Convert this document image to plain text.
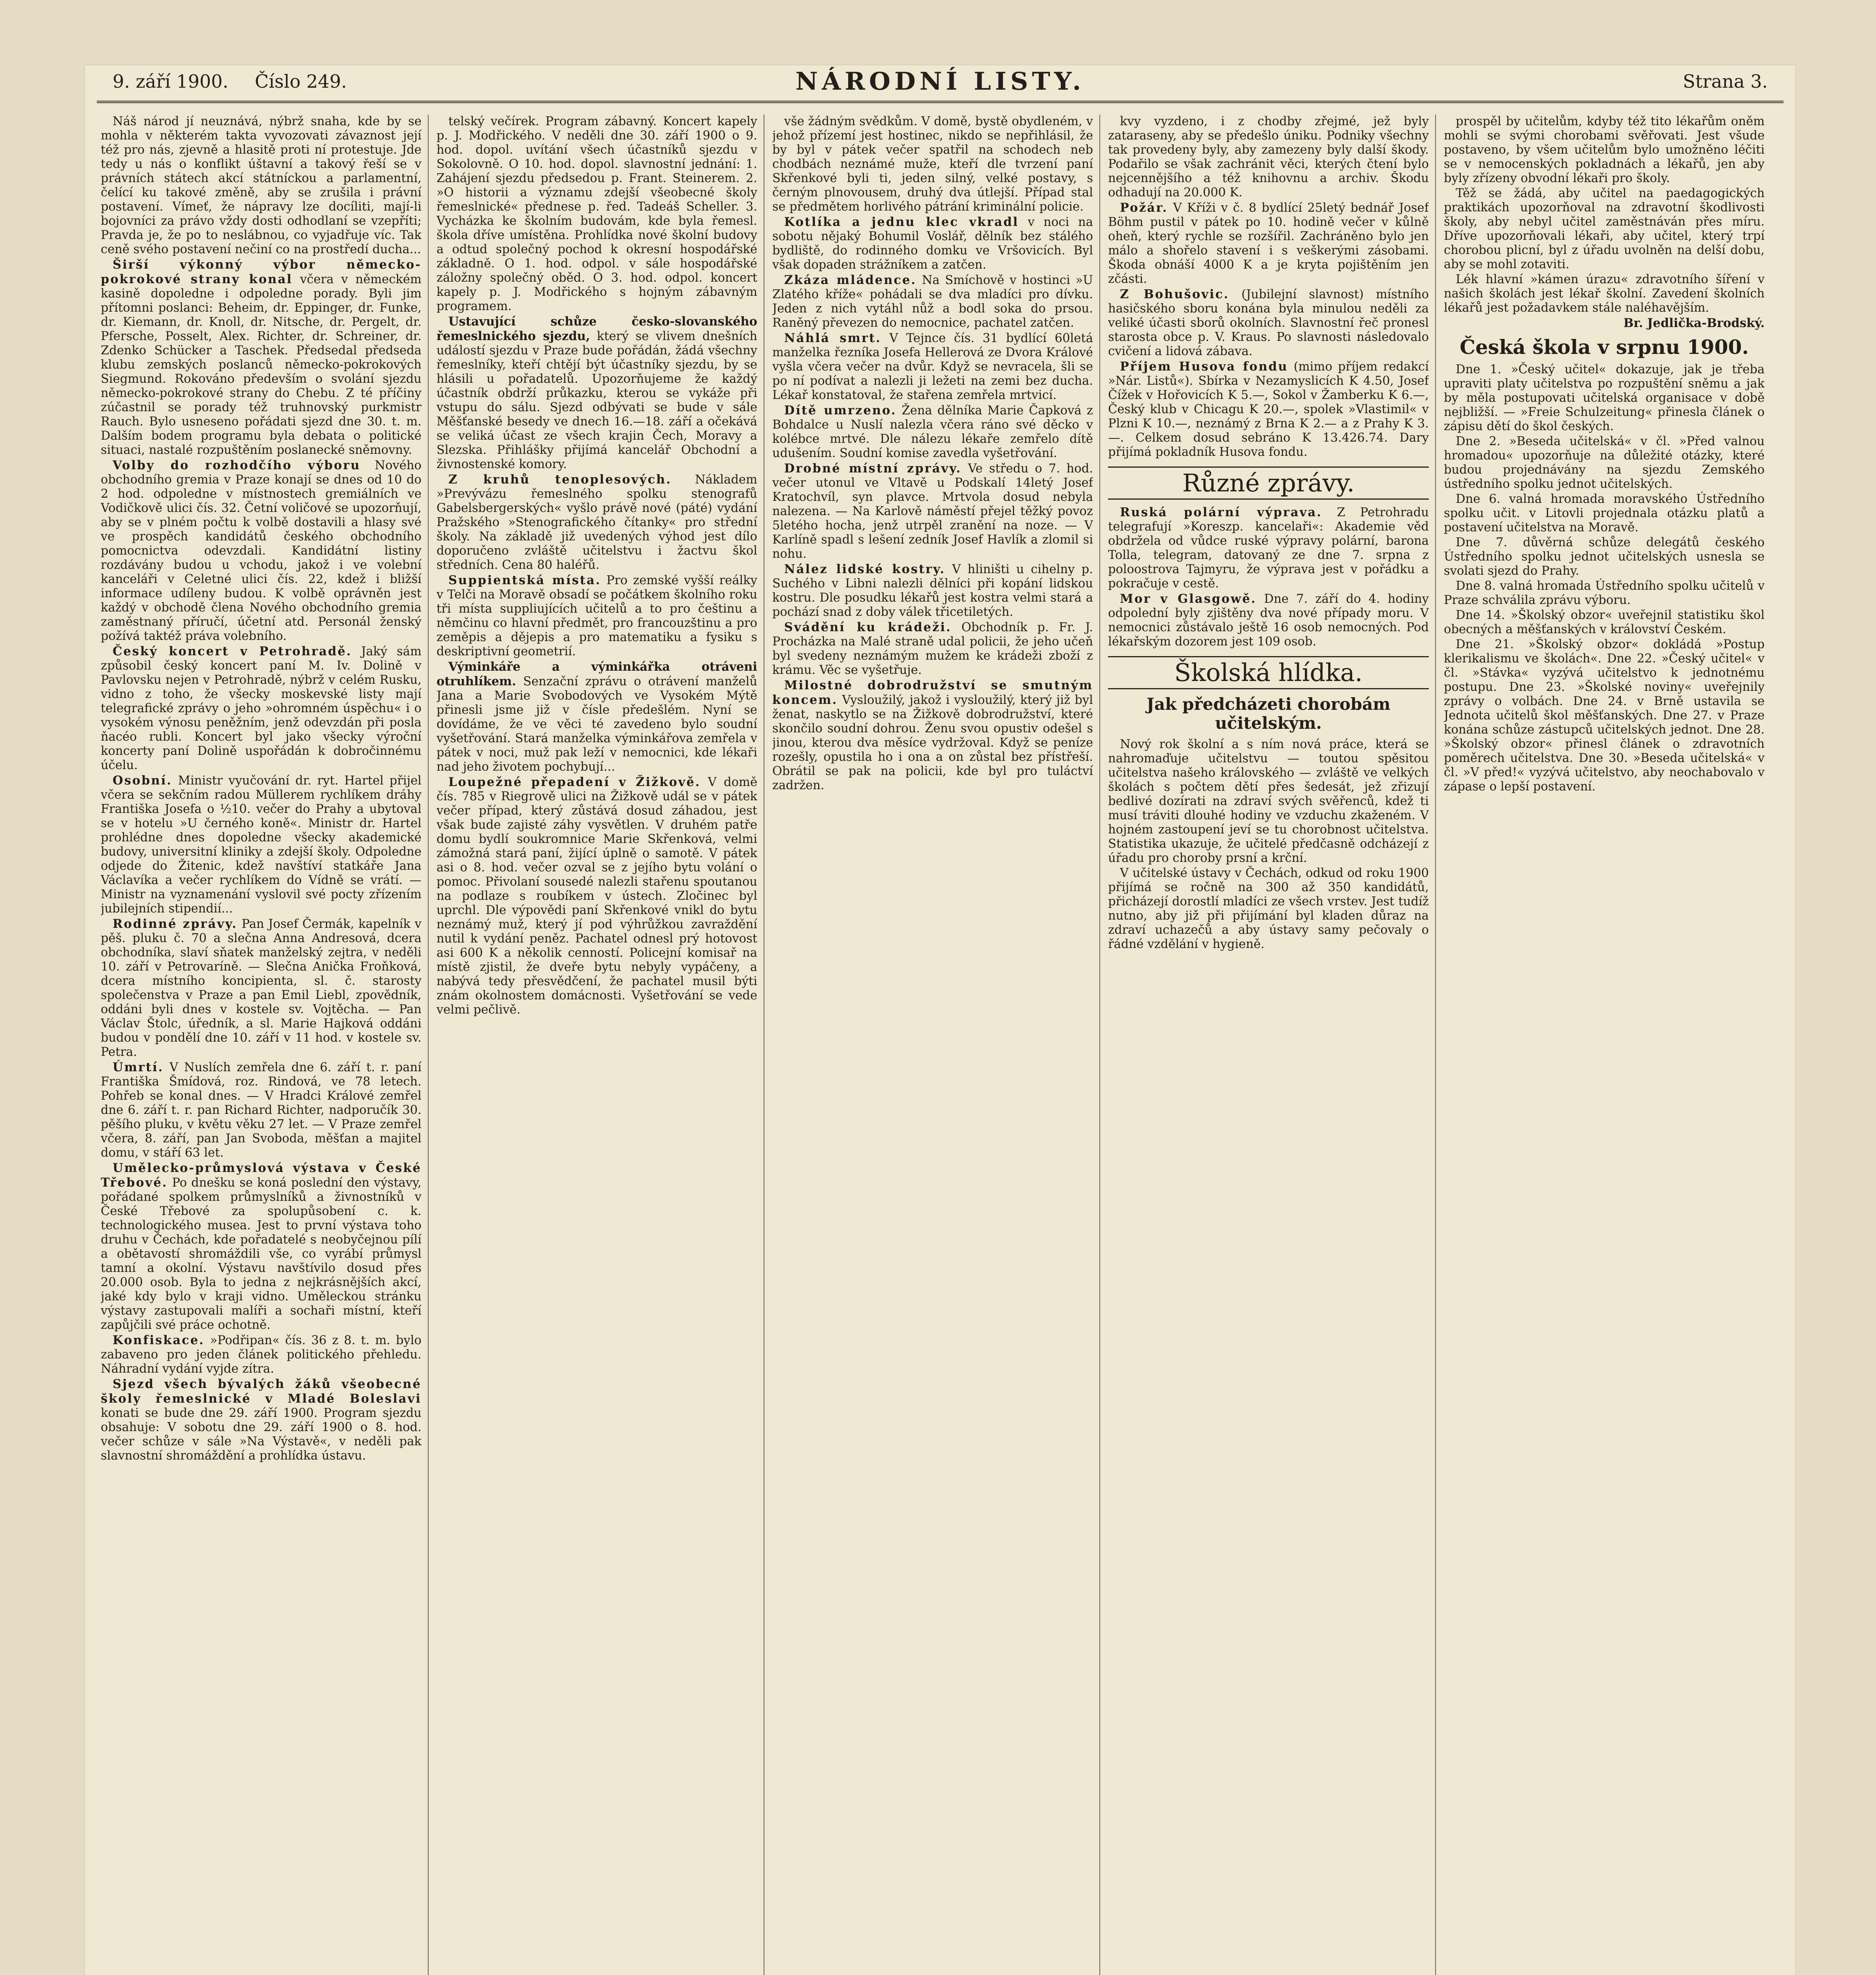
9. září 1900. Číslo 249.	NÁRODNÍ LISTY.	Strana 3.

Náš národ jí neuznává, nýbrž snaha, kde by se mohla v některém takta vyvozovati závaznost její též pro nás, zjevně a hlasitě proti ní protestuje. Jde tedy u nás o konflikt úštavní a takový řeší se v právních státech akcí státníckou a parlamentní, čelící ku takové změně, aby se zrušila i právní postavení. Vímeť, že nápravy lze docíliti, mají-li bojovníci za právo vždy dosti odhodlaní se vzepříti; Pravda je, že po to neslábnou, co vyjadřuje víc. Tak ceně svého postavení nečiní co na prostředí ducha...

Širší výkonný výbor německo-pokrokové strany konal včera v německém kasině dopoledne i odpoledne porady. Byli jim přítomni poslanci: Beheim, dr. Eppinger, dr. Funke, dr. Kiemann, dr. Knoll, dr. Nitsche, dr. Pergelt, dr. Pfersche, Posselt, Alex. Richter, dr. Schreiner, dr. Zdenko Schücker a Taschek. Předsedal předseda klubu zemských poslanců německo-pokrokových Siegmund. Rokováno především o svolání sjezdu německo-pokrokové strany do Chebu. Z té příčiny zúčastnil se porady též truhnovský purkmistr Rauch. Bylo usneseno pořádati sjezd dne 30. t. m. Dalším bodem programu byla debata o politické situaci, nastalé rozpuštěním poslanecké sněmovny.

Volby do rozhodčího výboru Nového obchodního gremia v Praze konají se dnes od 10 do 2 hod. odpoledne v místnostech gremiálních ve Vodičkově ulici čís. 32. Četní voličové se upozorňují, aby se v plném počtu k volbě dostavili a hlasy své ve prospěch kandidátů českého obchodního pomocnictva odevzdali. Kandidátní listiny rozdávány budou u vchodu, jakož i ve volební kanceláři v Celetné ulici čís. 22, kdež i bližší informace udíleny budou. K volbě oprávněn jest každý v obchodě člena Nového obchodního gremia zaměstnaný příručí, účetní atd. Personál ženský požívá taktéž práva volebního.

Český koncert v Petrohradě. Jaký sám způsobil český koncert paní M. Iv. Dolině v Pavlovsku nejen v Petrohradě, nýbrž v celém Rusku, vidno z toho, že všecky moskevské listy mají telegrafické zprávy o jeho »ohromném úspěchu« i o vysokém výnosu peněžním, jenž odevzdán při posla ňacéo rubli. Koncert byl jako všecky výroční koncerty paní Dolině uspořádán k dobročinnému účelu.

Osobní. Ministr vyučování dr. ryt. Hartel přijel včera se sekčním radou Müllerem rychlíkem dráhy Františka Josefa o ½10. večer do Prahy a ubytoval se v hotelu »U černého koně«. Ministr dr. Hartel prohlédne dnes dopoledne všecky akademické budovy, universitní kliniky a zdejší školy. Odpoledne odjede do Žitenic, kdež navštíví statkáře Jana Václavíka a večer rychlíkem do Vídně se vrátí. — Ministr na vyznamenání vyslovil své pocty zřízením jubilejních stipendií...

Rodinné zprávy. Pan Josef Čermák, kapelník v pěš. pluku č. 70 a slečna Anna Andresová, dcera obchodníka, slaví sňatek manželský zejtra, v neděli 10. září v Petrovaríně. — Slečna Anička Froňková, dcera místního koncipienta, sl. č. starosty společenstva v Praze a pan Emil Liebl, zpovědník, oddáni byli dnes v kostele sv. Vojtěcha. — Pan Václav Štolc, úředník, a sl. Marie Hajková oddáni budou v pondělí dne 10. září v 11 hod. v kostele sv. Petra.

Úmrtí. V Nuslích zemřela dne 6. září t. r. paní Františka Šmídová, roz. Rindová, ve 78 letech. Pohřeb se konal dnes. — V Hradci Králové zemřel dne 6. září t. r. pan Richard Richter, nadporučík 30. pěšího pluku, v květu věku 27 let. — V Praze zemřel včera, 8. září, pan Jan Svoboda, měšťan a majitel domu, v stáří 63 let.

Umělecko-průmyslová výstava v České Třebové. Po dnešku se koná poslední den výstavy, pořádané spolkem průmyslníků a živnostníků v České Třebové za spolupůsobení c. k. technologického musea. Jest to první výstava toho druhu v Čechách, kde pořadatelé s neobyčejnou pílí a obětavostí shromáždili vše, co vyrábí průmysl tamní a okolní. Výstavu navštívilo dosud přes 20.000 osob. Byla to jedna z nejkrásnějších akcí, jaké kdy bylo v kraji vidno. Uměleckou stránku výstavy zastupovali malíři a sochaři místní, kteří zapůjčili své práce ochotně.

Konfiskace. »Podřipan« čís. 36 z 8. t. m. bylo zabaveno pro jeden článek politického přehledu. Náhradní vydání vyjde zítra.

Sjezd všech bývalých žáků všeobecné školy řemeslnické v Mladé Boleslavi konati se bude dne 29. září 1900. Program sjezdu obsahuje: V sobotu dne 29. září 1900 o 8. hod. večer schůze v sále »Na Výstavě«, v neděli pak slavnostní shromáždění a prohlídka ústavu.

telský večírek. Program zábavný. Koncert kapely p. J. Modřického. V neděli dne 30. září 1900 o 9. hod. dopol. uvítání všech účastníků sjezdu v Sokolovně. O 10. hod. dopol. slavnostní jednání: 1. Zahájení sjezdu předsedou p. Frant. Steinerem. 2. »O historii a významu zdejší všeobecné školy řemeslnické« přednese p. řed. Tadeáš Scheller. 3. Vycházka ke školním budovám, kde byla řemesl. škola dříve umístěna. Prohlídka nové školní budovy a odtud společný pochod k okresní hospodářské základně. O 1. hod. odpol. v sále hospodářské záložny společný oběd. O 3. hod. odpol. koncert kapely p. J. Modřického s hojným zábavným programem.

Ustavující schůze česko-slovanského řemeslnického sjezdu, který se vlivem dnešních událostí sjezdu v Praze bude pořádán, žádá všechny řemeslníky, kteří chtějí být účastníky sjezdu, by se hlásili u pořadatelů. Upozorňujeme že každý účastník obdrží průkazku, kterou se vykáže při vstupu do sálu. Sjezd odbývati se bude v sále Měšťanské besedy ve dnech 16.—18. září a očekává se veliká účast ze všech krajin Čech, Moravy a Slezska. Přihlášky přijímá kancelář Obchodní a živnostenské komory.

Z kruhů tenoplesových. Nákladem »Prevývázu řemeslného spolku stenografů Gabelsbergerských« vyšlo právě nové (páté) vydání Pražského »Stenografického čítanky« pro střední školy. Na základě již uvedených výhod jest dílo doporučeno zvláště učitelstvu i žactvu škol středních. Cena 80 haléřů.

Suppientská místa. Pro zemské vyšší reálky v Telči na Moravě obsadí se počátkem školního roku tři místa suppliujících učitelů a to pro češtinu a němčinu co hlavní předmět, pro francouzštinu a pro zeměpis a dějepis a pro matematiku a fysiku s deskriptivní geometrií.

Výminkáře a výminkářka otráveni otruhlíkem. Senzační zprávu o otrávení manželů Jana a Marie Svobodových ve Vysokém Mýtě přinesli jsme již v čísle předešlém. Nyní se dovídáme, že ve věci té zavedeno bylo soudní vyšetřování. Stará manželka výminkářova zemřela v pátek v noci, muž pak leží v nemocnici, kde lékaři nad jeho životem pochybují...

Loupežné přepadení v Žižkově. V domě čís. 785 v Riegrově ulici na Žižkově udál se v pátek večer případ, který zůstává dosud záhadou, jest však bude zajisté záhy vysvětlen. V druhém patře domu bydlí soukromnice Marie Skřenková, velmi zámožná stará paní, žijící úplně o samotě. V pátek asi o 8. hod. večer ozval se z jejího bytu volání o pomoc. Přivolaní sousedé nalezli stařenu spoutanou na podlaze s roubíkem v ústech. Zločinec byl uprchl. Dle výpovědi paní Skřenkové vnikl do bytu neznámý muž, který jí pod výhrůžkou zavraždění nutil k vydání peněz. Pachatel odnesl prý hotovost asi 600 K a několik cenností. Policejní komisař na místě zjistil, že dveře bytu nebyly vypáčeny, a nabývá tedy přesvědčení, že pachatel musil býti znám okolnostem domácnosti. Vyšetřování se vede velmi pečlivě.

vše žádným svědkům. V domě, bystě obydleném, v jehož přízemí jest hostinec, nikdo se nepřihlásil, že by byl v pátek večer spatřil na schodech neb chodbách neznámé muže, kteří dle tvrzení paní Skřenkové byli ti, jeden silný, velké postavy, s černým plnovousem, druhý dva útlejší. Případ stal se předmětem horlivého pátrání kriminální policie.

Kotlíka a jednu klec vkradl v noci na sobotu nějaký Bohumil Voslář, dělník bez stálého bydliště, do rodinného domku ve Vršovicích. Byl však dopaden strážníkem a zatčen.

Zkáza mládence. Na Smíchově v hostinci »U Zlatého kříže« pohádali se dva mladíci pro dívku. Jeden z nich vytáhl nůž a bodl soka do prsou. Raněný převezen do nemocnice, pachatel zatčen.

Náhlá smrt. V Tejnce čís. 31 bydlící 60letá manželka řezníka Josefa Hellerová ze Dvora Králové vyšla včera večer na dvůr. Když se nevracela, šli se po ní podívat a nalezli ji ležeti na zemi bez ducha. Lékař konstatoval, že stařena zemřela mrtvicí.

Dítě umrzeno. Žena dělníka Marie Čapková z Bohdalce u Nuslí nalezla včera ráno své děcko v kolébce mrtvé. Dle nálezu lékaře zemřelo dítě udušením. Soudní komise zavedla vyšetřování.

Drobné místní zprávy. Ve středu o 7. hod. večer utonul ve Vltavě u Podskalí 14letý Josef Kratochvíl, syn plavce. Mrtvola dosud nebyla nalezena. — Na Karlově náměstí přejel těžký povoz 5letého hocha, jenž utrpěl zranění na noze. — V Karlíně spadl s lešení zedník Josef Havlík a zlomil si nohu.

Nález lidské kostry. V hliništi u cihelny p. Suchého v Libni nalezli dělníci při kopání lidskou kostru. Dle posudku lékařů jest kostra velmi stará a pochází snad z doby válek třicetiletých.

Svádění ku krádeži. Obchodník p. Fr. J. Procházka na Malé straně udal policii, že jeho učeň byl svedeny neznámým mužem ke krádeži zboží z krámu. Věc se vyšetřuje.

Milostné dobrodružství se smutným koncem. Vysloužilý, jakož i vysloužilý, který již byl ženat, naskytlo se na Žižkově dobrodružství, které skončilo soudní dohrou. Ženu svou opustiv odešel s jinou, kterou dva měsíce vydržoval. Když se peníze rozešly, opustila ho i ona a on zůstal bez přístřeší. Obrátil se pak na policii, kde byl pro tuláctví zadržen.

kvy vyzdeno, i z chodby zřejmé, jež byly zataraseny, aby se předešlo úniku. Podniky všechny tak provedeny byly, aby zamezeny byly další škody. Podařilo se však zachránit věci, kterých čtení bylo nejcennějšího a též knihovnu a archiv. Škodu odhadují na 20.000 K.

Požár. V Kříži v č. 8 bydlící 25letý bednář Josef Böhm pustil v pátek po 10. hodině večer v kůlně oheň, který rychle se rozšířil. Zachráněno bylo jen málo a shořelo stavení i s veškerými zásobami. Škoda obnáší 4000 K a je kryta pojištěním jen zčásti.

Z Bohušovic. (Jubilejní slavnost) místního hasičského sboru konána byla minulou neděli za veliké účasti sborů okolních. Slavnostní řeč pronesl starosta obce p. V. Kraus. Po slavnosti následovalo cvičení a lidová zábava.

Příjem Husova fondu (mimo příjem redakcí »Nár. Listů«). Sbírka v Nezamyslicích K 4.50, Josef Čížek v Hořovicích K 5.—, Sokol v Žamberku K 6.—, Český klub v Chicagu K 20.—, spolek »Vlastimil« v Plzni K 10.—, neznámý z Brna K 2.— a z Prahy K 3.—. Celkem dosud sebráno K 13.426.74. Dary přijímá pokladník Husova fondu.

Různé zprávy.

Ruská polární výprava. Z Petrohradu telegrafují »Koreszp. kancelaři«: Akademie věd obdržela od vůdce ruské výpravy polární, barona Tolla, telegram, datovaný ze dne 7. srpna z poloostrova Tajmyru, že výprava jest v pořádku a pokračuje v cestě.

Mor v Glasgowě. Dne 7. září do 4. hodiny odpolední byly zjištěny dva nové případy moru. V nemocnici zůstávalo ještě 16 osob nemocných. Pod lékařským dozorem jest 109 osob.

Školská hlídka.
Jak předcházeti chorobám učitelským.

Nový rok školní a s ním nová práce, která se nahromaďuje učitelstvu — toutou spěsitou učitelstva našeho královského — zvláště ve velkých školách s počtem dětí přes šedesát, jež zřizují bedlivé dozírati na zdraví svých svěřenců, kdež ti musí tráviti dlouhé hodiny ve vzduchu zkaženém. V hojném zastoupení jeví se tu chorobnost učitelstva. Statistika ukazuje, že učitelé předčasně odcházejí z úřadu pro choroby prsní a krční.

V učitelské ústavy v Čechách, odkud od roku 1900 přijímá se ročně na 300 až 350 kandidátů, přicházejí dorostlí mladíci ze všech vrstev. Jest tudíž nutno, aby již při přijímání byl kladen důraz na zdraví uchazečů a aby ústavy samy pečovaly o řádné vzdělání v hygieně.

prospěl by učitelům, kdyby též tito lékařům oněm mohli se svými chorobami svěřovati. Jest všude postaveno, by všem učitelům bylo umožněno léčiti se v nemocenských pokladnách a lékařů, jen aby byly zřízeny obvodní lékaři pro školy.

Těž se žádá, aby učitel na paedagogických praktikách upozorňoval na zdravotní škodlivosti školy, aby nebyl učitel zaměstnáván přes míru. Dříve upozorňovali lékaři, aby učitel, který trpí chorobou plicní, byl z úřadu uvolněn na delší dobu, aby se mohl zotaviti.

Lék hlavní »kámen úrazu« zdravotního šíření v našich školách jest lékař školní. Zavedení školních lékařů jest požadavkem stále naléhavějším.

Br. Jedlička-Brodský.

Česká škola v srpnu 1900.

Dne 1. »Český učitel« dokazuje, jak je třeba upraviti platy učitelstva po rozpuštění sněmu a jak by měla postupovati učitelská organisace v době nejbližší. — »Freie Schulzeitung« přinesla článek o zápisu dětí do škol českých.

Dne 2. »Beseda učitelská« v čl. »Před valnou hromadou« upozorňuje na důležité otázky, které budou projednávány na sjezdu Zemského ústředního spolku jednot učitelských.

Dne 6. valná hromada moravského Ústředního spolku učit. v Litovli projednala otázku platů a postavení učitelstva na Moravě.

Dne 7. důvěrná schůze delegátů českého Ústředního spolku jednot učitelských usnesla se svolati sjezd do Prahy.

Dne 8. valná hromada Ústředního spolku učitelů v Praze schválila zprávu výboru.

Dne 14. »Školský obzor« uveřejnil statistiku škol obecných a měšťanských v království Českém.

Dne 21. »Školský obzor« dokládá »Postup klerikalismu ve školách«. Dne 22. »Český učitel« v čl. »Stávka« vyzývá učitelstvo k jednotnému postupu. Dne 23. »Školské noviny« uveřejnily zprávy o volbách. Dne 24. v Brně ustavila se Jednota učitelů škol měšťanských. Dne 27. v Praze konána schůze zástupců učitelských jednot. Dne 28. »Školský obzor« přinesl článek o zdravotních poměrech učitelstva. Dne 30. »Beseda učitelská« v čl. »V před!« vyzývá učitelstvo, aby neochabovalo v zápase o lepší postavení.
